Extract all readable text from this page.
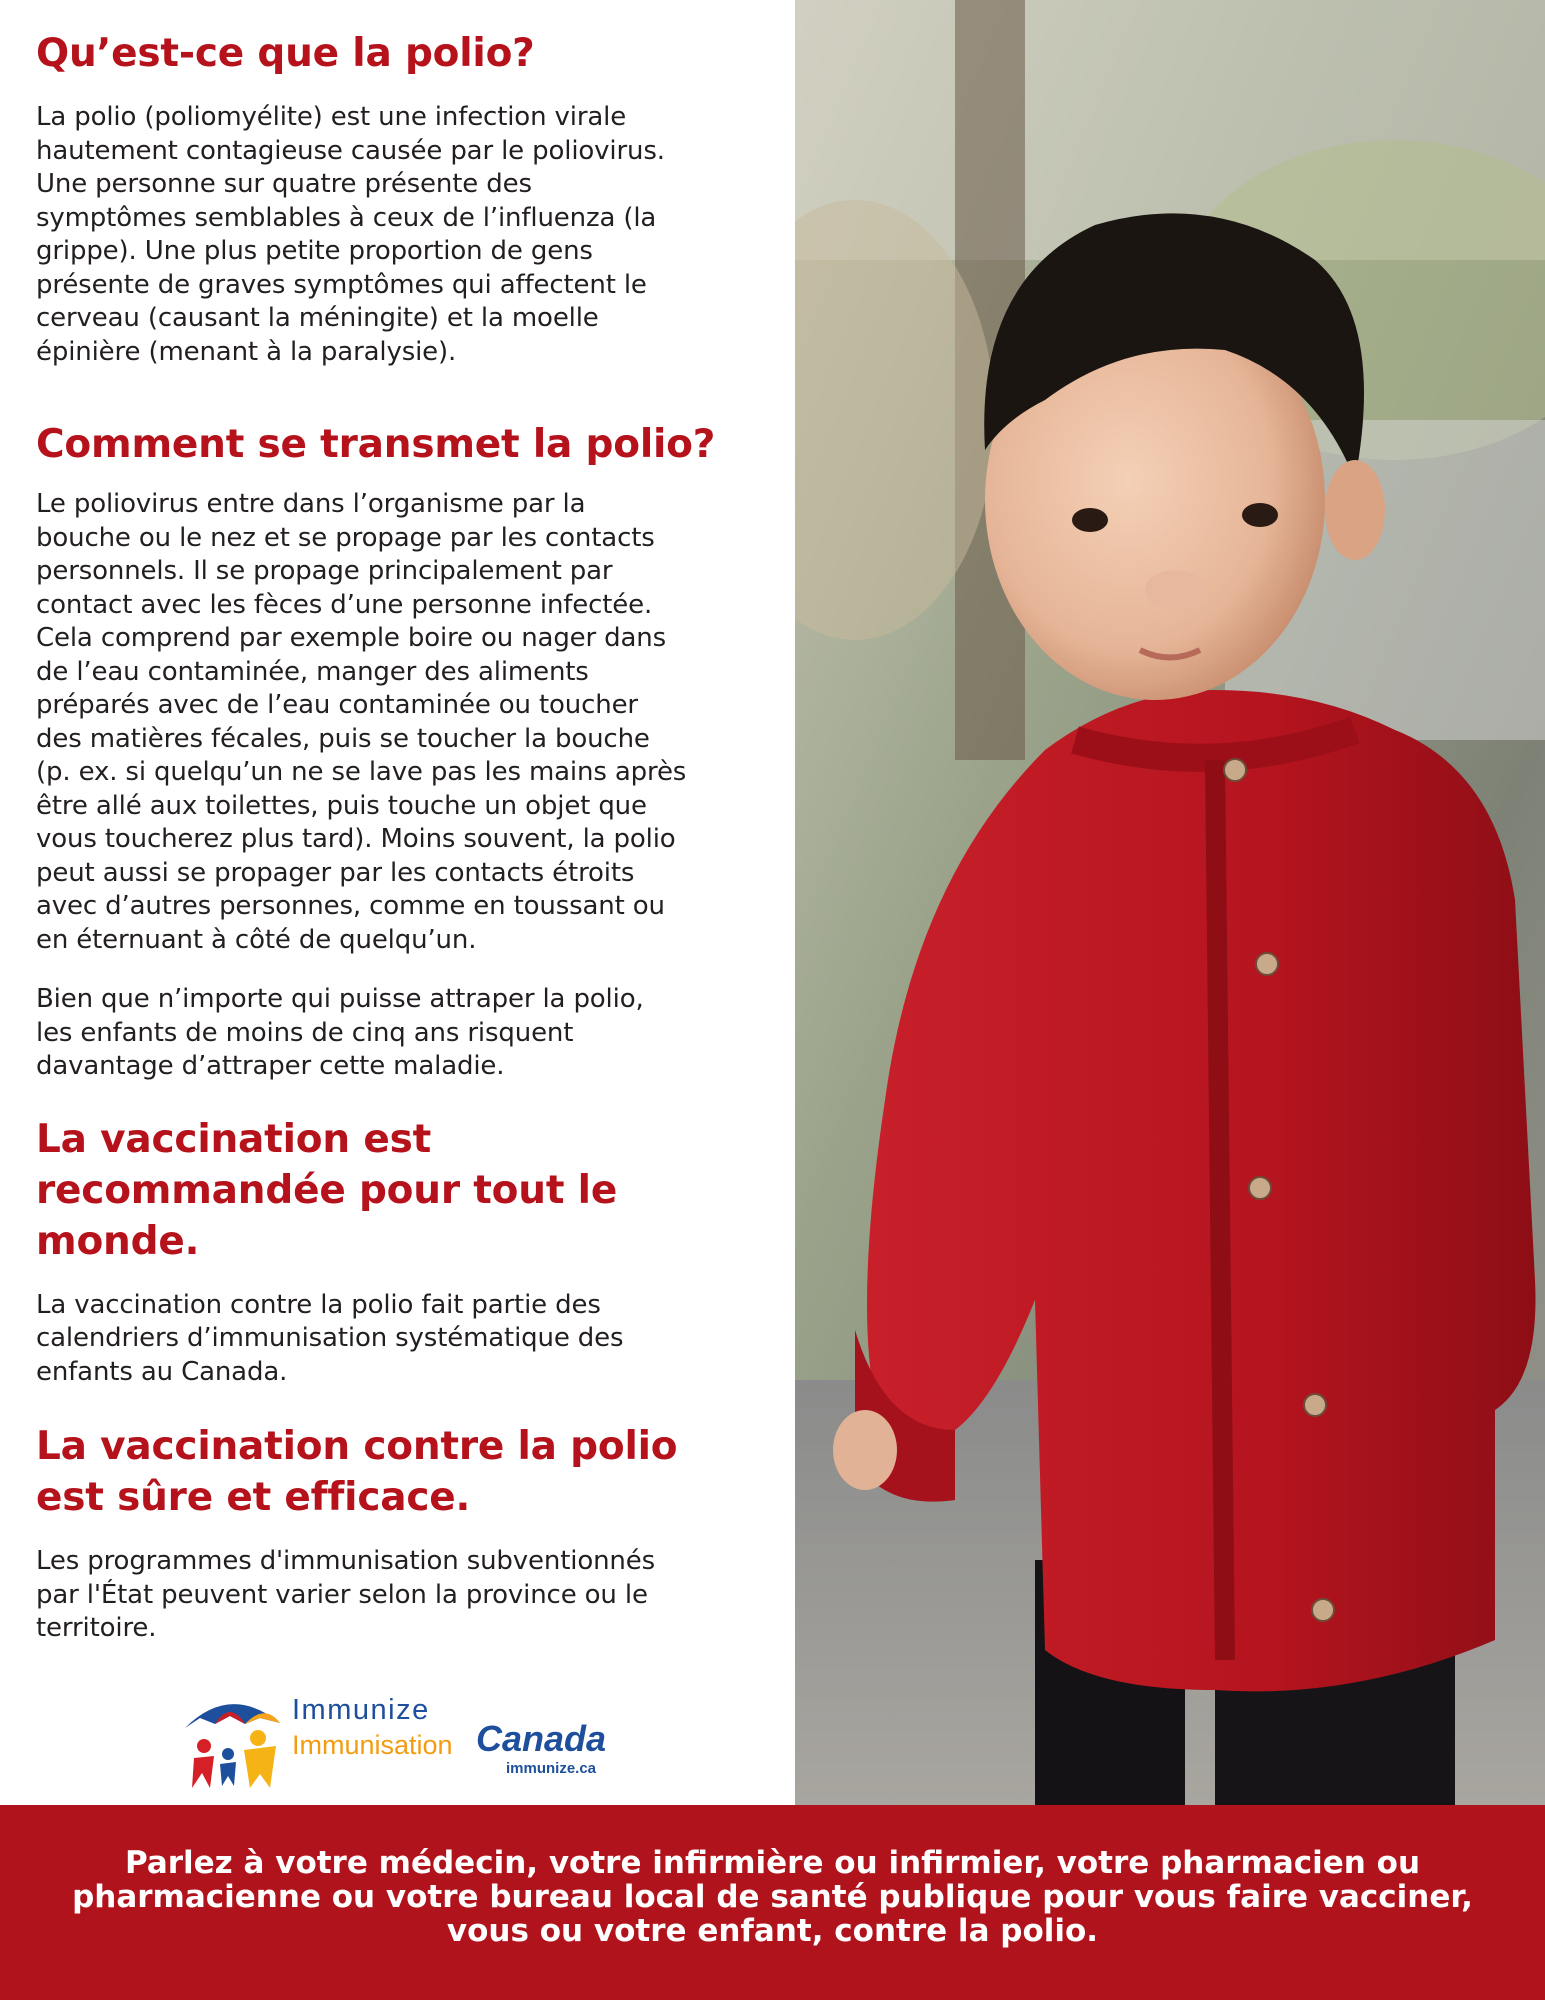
Qu’est-ce que la polio?

La polio (poliomyélite) est une infection virale
hautement contagieuse causée par le poliovirus.
Une personne sur quatre présente des
symptômes semblables à ceux de l’influenza (la
grippe). Une plus petite proportion de gens
présente de graves symptômes qui affectent le
cerveau (causant la méningite) et la moelle
épinière (menant à la paralysie).

Comment se transmet la polio?

Le poliovirus entre dans l’organisme par la
bouche ou le nez et se propage par les contacts
personnels. Il se propage principalement par
contact avec les fèces d’une personne infectée.
Cela comprend par exemple boire ou nager dans
de l’eau contaminée, manger des aliments
préparés avec de l’eau contaminée ou toucher
des matières fécales, puis se toucher la bouche
(p. ex. si quelqu’un ne se lave pas les mains après
être allé aux toilettes, puis touche un objet que
vous toucherez plus tard). Moins souvent, la polio
peut aussi se propager par les contacts étroits
avec d’autres personnes, comme en toussant ou
en éternuant à côté de quelqu’un.

Bien que n’importe qui puisse attraper la polio,
les enfants de moins de cinq ans risquent
davantage d’attraper cette maladie.

La vaccination est
recommandée pour tout le
monde.

La vaccination contre la polio fait partie des
calendriers d’immunisation systématique des
enfants au Canada.

La vaccination contre la polio
est sûre et efficace.

Les programmes d'immunisation subventionnés
par l'État peuvent varier selon la province ou le
territoire.

Immunize
Immunisation Canada
immunize.ca
Parlez à votre médecin, votre infirmière ou infirmier, votre pharmacien ou pharmacienne ou votre bureau local de santé publique pour vous faire vacciner, vous ou votre enfant, contre la polio.
